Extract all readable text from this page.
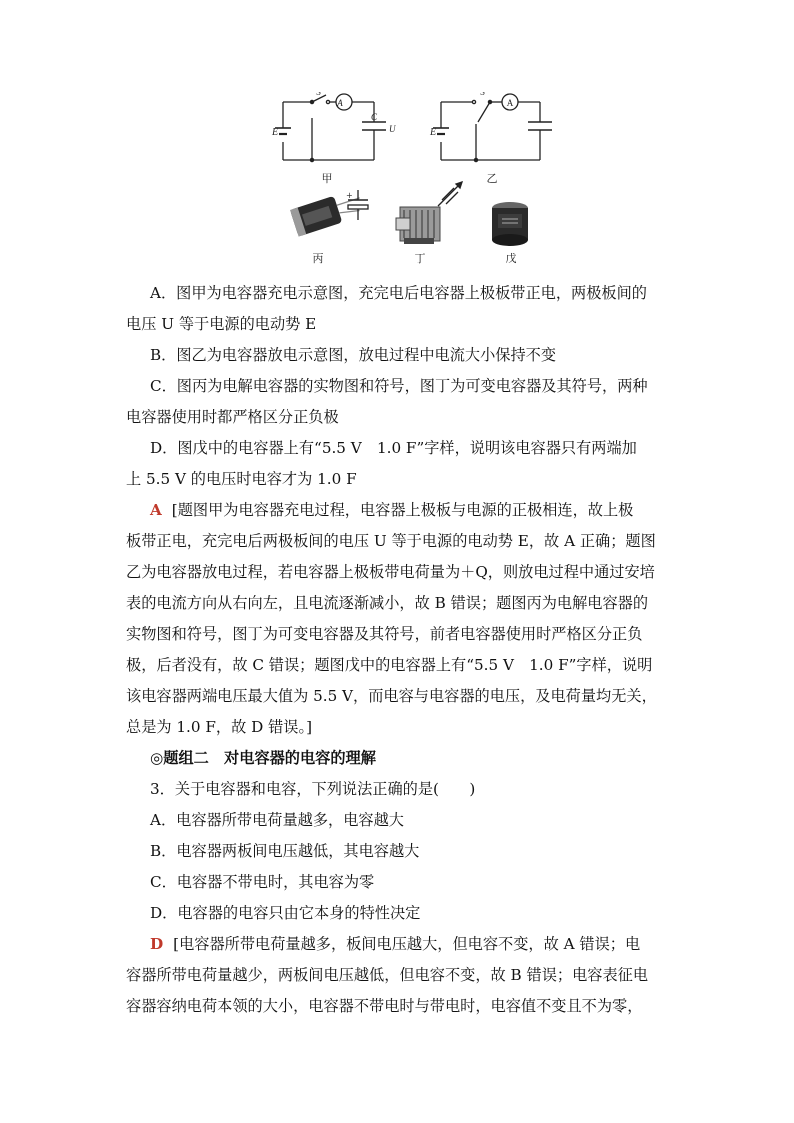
A
E
S
C
U
甲
A
E
S
乙
+
丙	丁	戊

A．图甲为电容器充电示意图，充完电后电容器上极板带正电，两极板间的

电压 U 等于电源的电动势 E

B．图乙为电容器放电示意图，放电过程中电流大小保持不变

C．图丙为电解电容器的实物图和符号，图丁为可变电容器及其符号，两种

电容器使用时都严格区分正负极

D．图戊中的电容器上有“5.5 V　1.0 F”字样，说明该电容器只有两端加

上 5.5 V 的电压时电容才为 1.0 F

A [题图甲为电容器充电过程，电容器上极板与电源的正极相连，故上极

板带正电，充完电后两极板间的电压 U 等于电源的电动势 E，故 A 正确；题图

乙为电容器放电过程，若电容器上极板带电荷量为＋Q，则放电过程中通过安培

表的电流方向从右向左，且电流逐渐减小，故 B 错误；题图丙为电解电容器的

实物图和符号，图丁为可变电容器及其符号，前者电容器使用时严格区分正负

极，后者没有，故 C 错误；题图戊中的电容器上有“5.5 V　1.0 F”字样，说明

该电容器两端电压最大值为 5.5 V，而电容与电容器的电压，及电荷量均无关，

总是为 1.0 F，故 D 错误。]

◎题组二　对电容器的电容的理解

3．关于电容器和电容，下列说法正确的是(　　)

A．电容器所带电荷量越多，电容越大

B．电容器两板间电压越低，其电容越大

C．电容器不带电时，其电容为零

D．电容器的电容只由它本身的特性决定

D [电容器所带电荷量越多，板间电压越大，但电容不变，故 A 错误；电

容器所带电荷量越少，两板间电压越低，但电容不变，故 B 错误；电容表征电

容器容纳电荷本领的大小，电容器不带电时与带电时，电容值不变且不为零，
